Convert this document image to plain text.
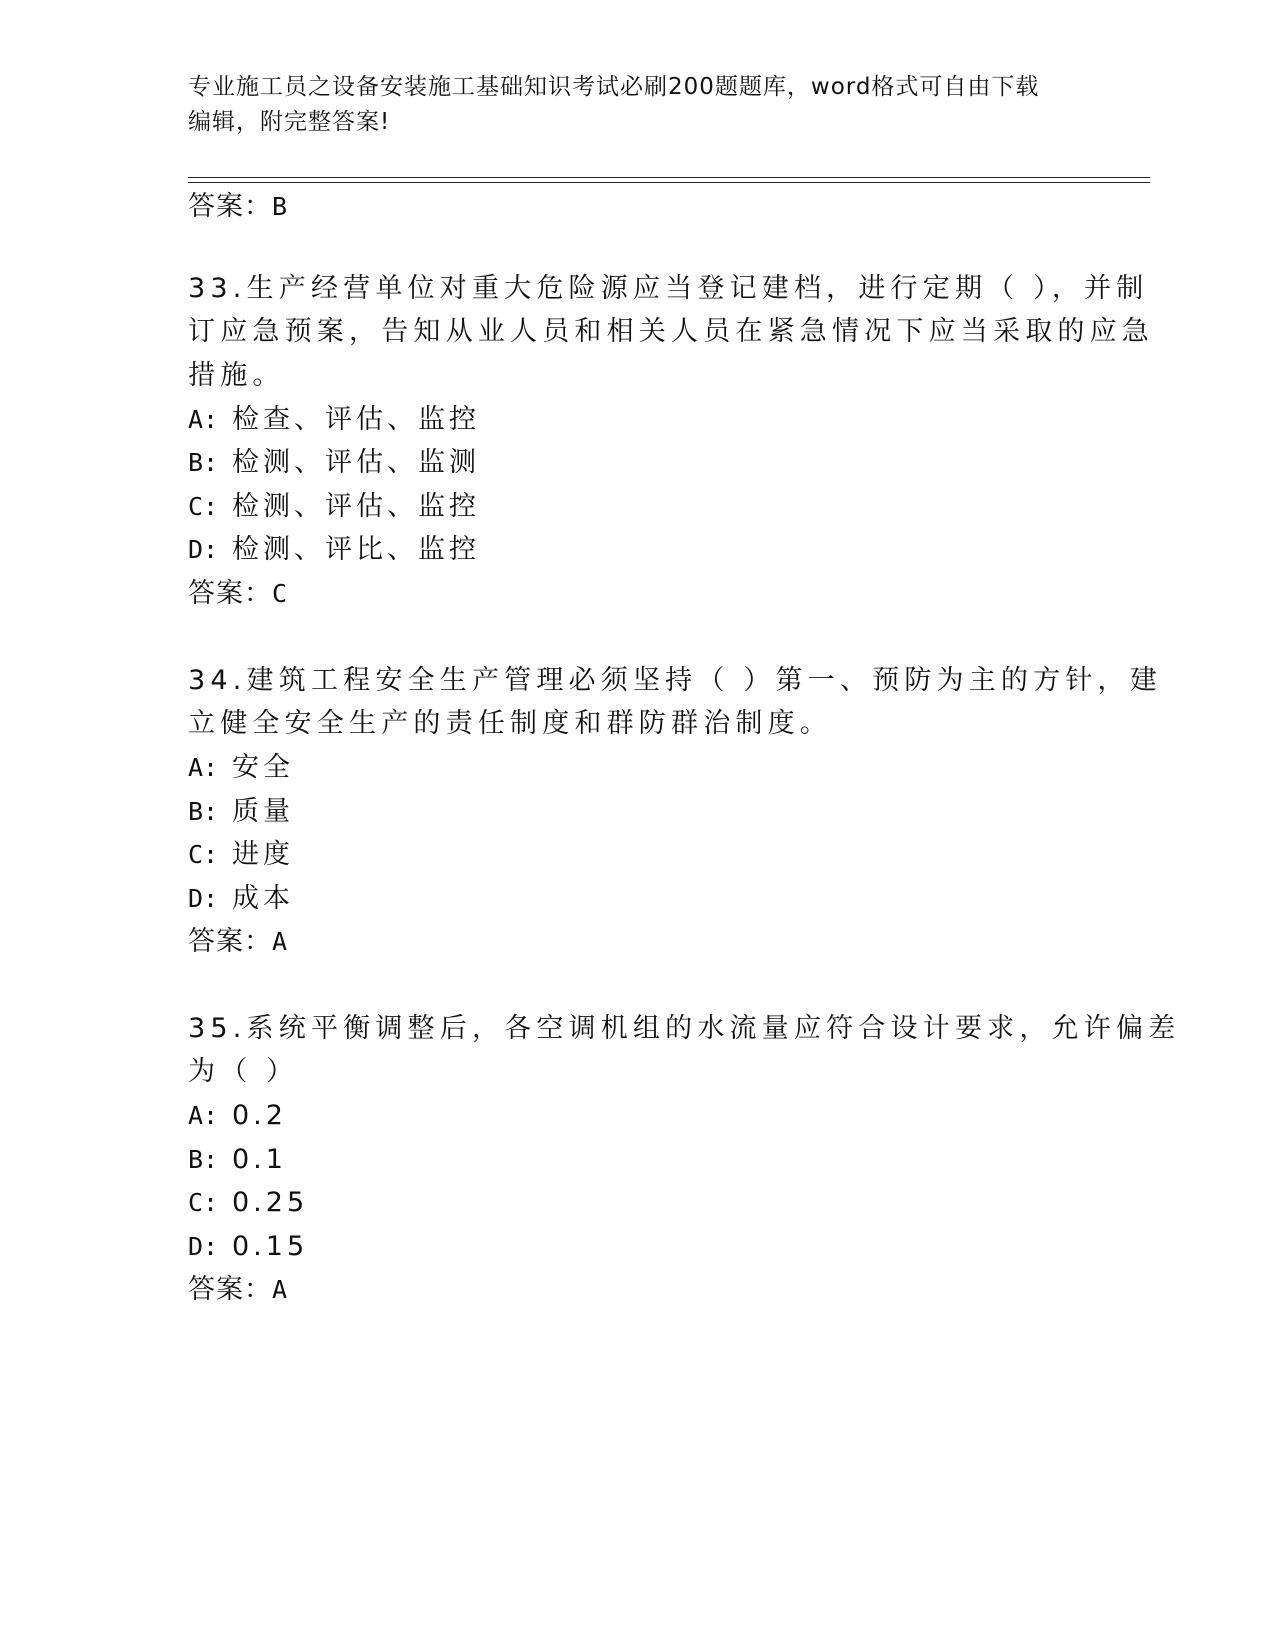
专业施工员之设备安装施工基础知识考试必刷200题题库，word格式可自由下载
编辑，附完整答案!
答案：B
33.生产经营单位对重大危险源应当登记建档，进行定期（ ），并制
订应急预案，告知从业人员和相关人员在紧急情况下应当采取的应急
措施。
A: 检查、评估、监控
B: 检测、评估、监测
C: 检测、评估、监控
D: 检测、评比、监控
答案：C
34.建筑工程安全生产管理必须坚持（ ）第一、预防为主的方针，建
立健全安全生产的责任制度和群防群治制度。
A: 安全
B: 质量
C: 进度
D: 成本
答案：A
35.系统平衡调整后，各空调机组的水流量应符合设计要求，允许偏差
为（ ）
A: 0.2
B: 0.1
C: 0.25
D: 0.15
答案：A
